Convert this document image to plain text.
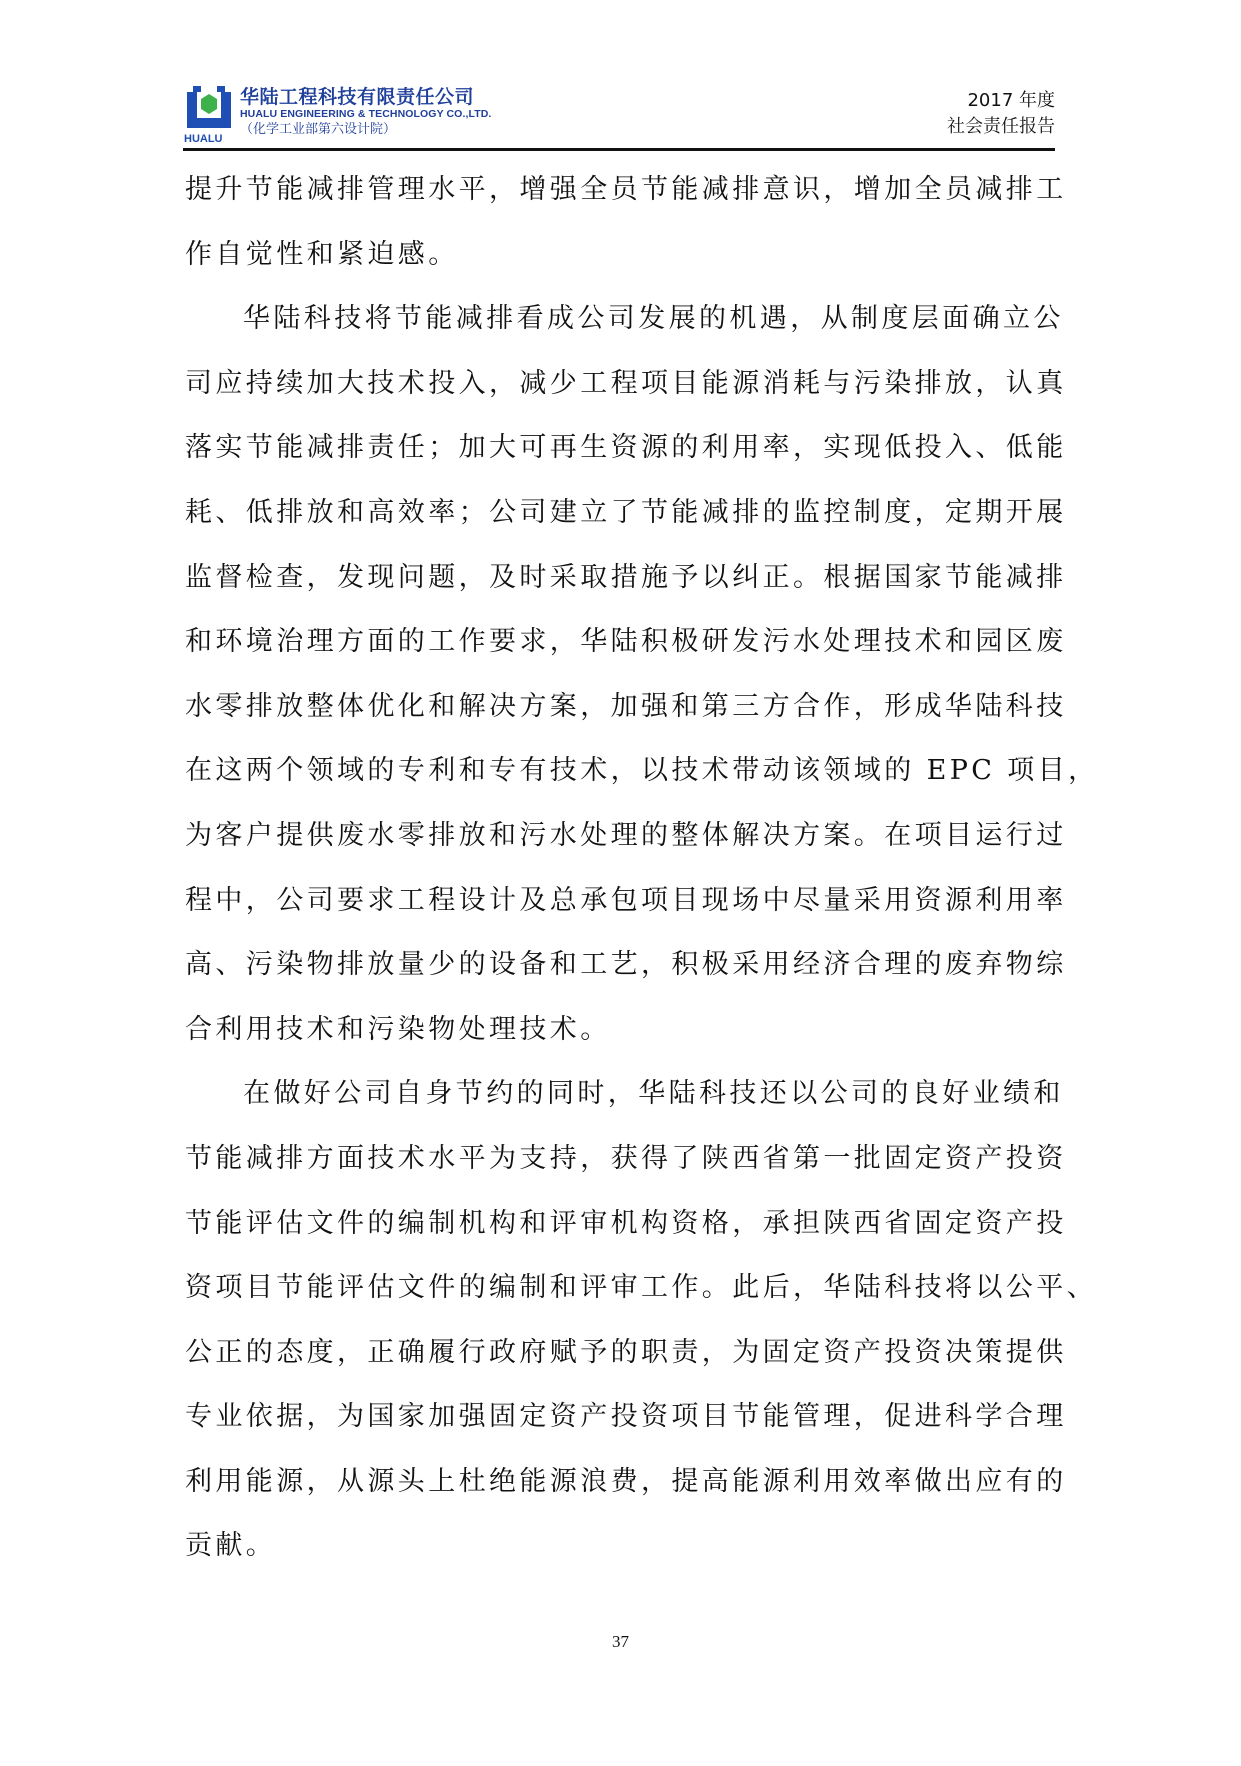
HUALU
华陆工程科技有限责任公司
HUALU ENGINEERING & TECHNOLOGY CO.,LTD.
（化学工业部第六设计院）
2017 年度
社会责任报告
提升节能减排管理水平，增强全员节能减排意识，增加全员减排工
作自觉性和紧迫感。
华陆科技将节能减排看成公司发展的机遇，从制度层面确立公
司应持续加大技术投入，减少工程项目能源消耗与污染排放，认真
落实节能减排责任；加大可再生资源的利用率，实现低投入、低能
耗、低排放和高效率；公司建立了节能减排的监控制度，定期开展
监督检查，发现问题，及时采取措施予以纠正。根据国家节能减排
和环境治理方面的工作要求，华陆积极研发污水处理技术和园区废
水零排放整体优化和解决方案，加强和第三方合作，形成华陆科技
在这两个领域的专利和专有技术，以技术带动该领域的 EPC 项目，
为客户提供废水零排放和污水处理的整体解决方案。在项目运行过
程中，公司要求工程设计及总承包项目现场中尽量采用资源利用率
高、污染物排放量少的设备和工艺，积极采用经济合理的废弃物综
合利用技术和污染物处理技术。
在做好公司自身节约的同时，华陆科技还以公司的良好业绩和
节能减排方面技术水平为支持，获得了陕西省第一批固定资产投资
节能评估文件的编制机构和评审机构资格，承担陕西省固定资产投
资项目节能评估文件的编制和评审工作。此后，华陆科技将以公平、
公正的态度，正确履行政府赋予的职责，为固定资产投资决策提供
专业依据，为国家加强固定资产投资项目节能管理，促进科学合理
利用能源，从源头上杜绝能源浪费，提高能源利用效率做出应有的
贡献。
37
